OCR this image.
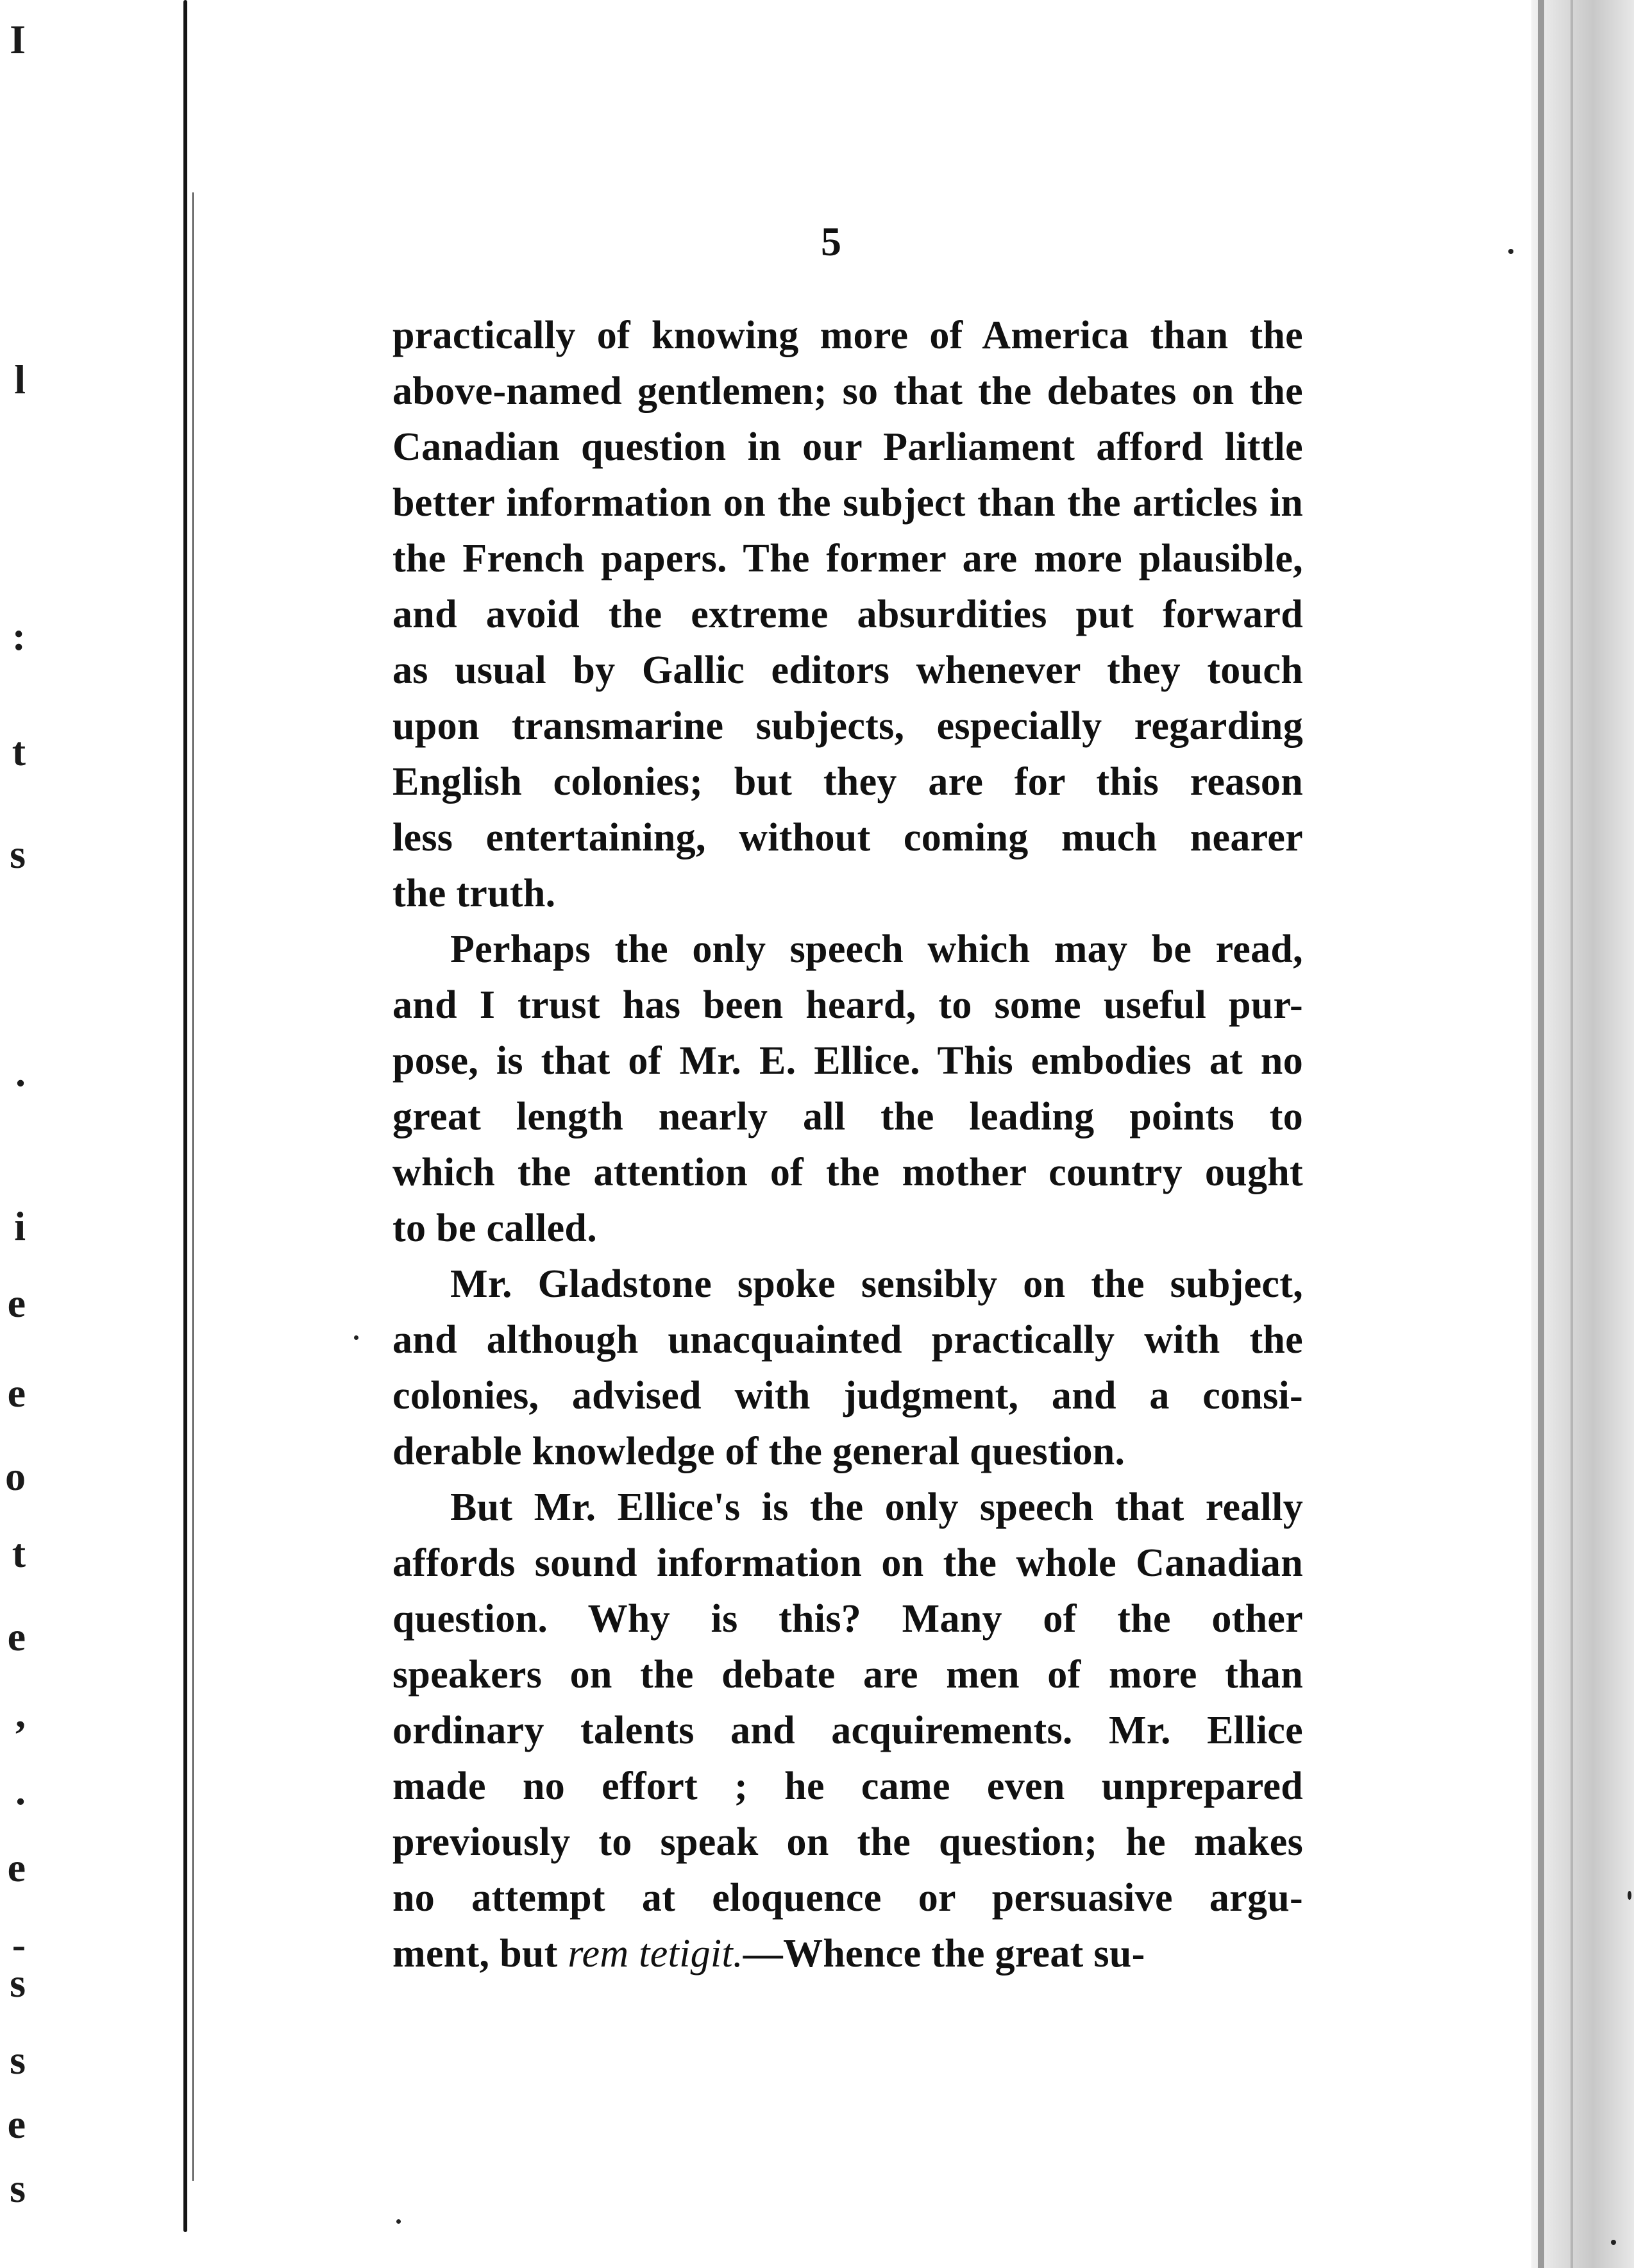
I
l
:
t
s
.
i
e
e
o
t
e
,
.
e
-
s
s
e
s
5
practically of knowing more of America than the
above-named gentlemen; so that the debates on the
Canadian question in our Parliament afford little
better information on the subject than the articles in
the French papers. The former are more plausible,
and avoid the extreme absurdities put forward
as usual by Gallic editors whenever they touch
upon transmarine subjects, especially regarding
English colonies; but they are for this reason
less entertaining, without coming much nearer
the truth.
Perhaps the only speech which may be read,
and I trust has been heard, to some useful pur-
pose, is that of Mr. E. Ellice. This embodies at no
great length nearly all the leading points to
which the attention of the mother country ought
to be called.
Mr. Gladstone spoke sensibly on the subject,
and although unacquainted practically with the
colonies, advised with judgment, and a consi-
derable knowledge of the general question.
But Mr. Ellice's is the only speech that really
affords sound information on the whole Canadian
question. Why is this? Many of the other
speakers on the debate are men of more than
ordinary talents and acquirements. Mr. Ellice
made no effort ; he came even unprepared
previously to speak on the question; he makes
no attempt at eloquence or persuasive argu-
ment, but rem tetigit.—Whence the great su-
